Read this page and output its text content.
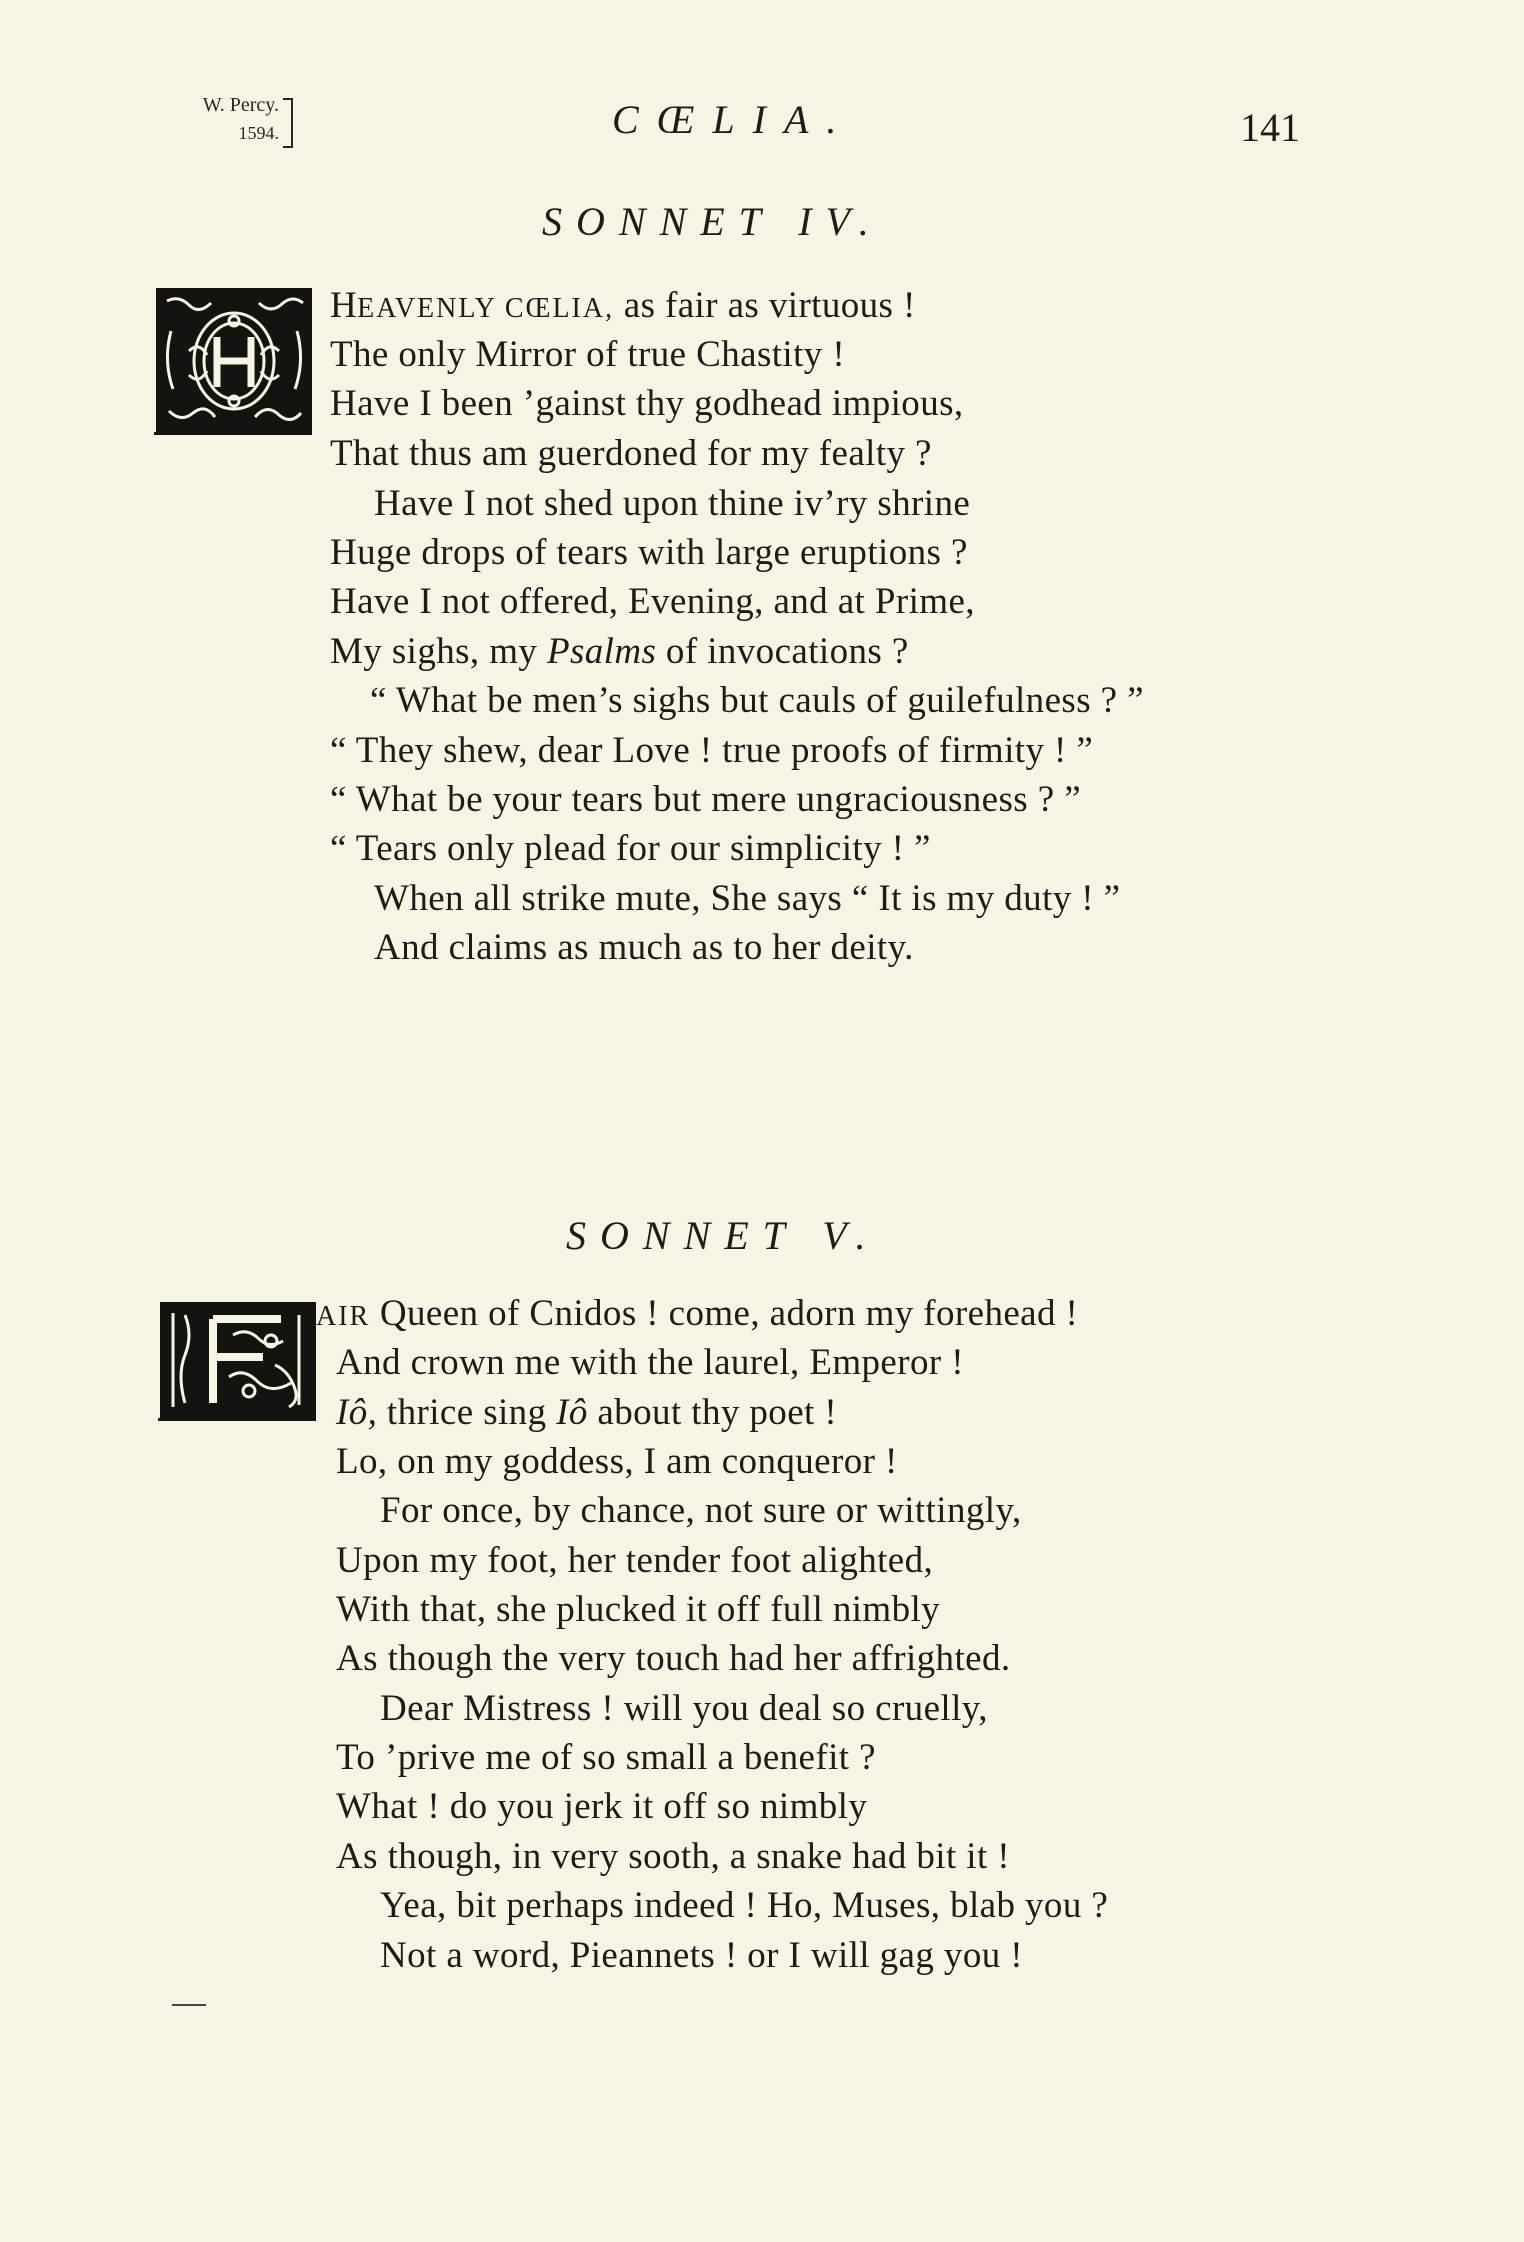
W. Percy.
1594.	CŒLIA.	141
SONNET IV.
HEAVENLY CŒLIA, as fair as virtuous !
The only Mirror of true Chastity !
Have I been ’gainst thy godhead impious,
That thus am guerdoned for my fealty ?
Have I not shed upon thine iv’ry shrine
Huge drops of tears with large eruptions ?
Have I not offered, Evening, and at Prime,
My sighs, my Psalms of invocations ?
“ What be men’s sighs but cauls of guilefulness ? ”
“ They shew, dear Love ! true proofs of firmity ! ”
“ What be your tears but mere ungraciousness ? ”
“ Tears only plead for our simplicity ! ”
When all strike mute, She says “ It is my duty ! ”
And claims as much as to her deity.
SONNET V.
AIR Queen of Cnidos ! come, adorn my forehead !
And crown me with the laurel, Emperor !
Iô, thrice sing Iô about thy poet !
Lo, on my goddess, I am conqueror !
For once, by chance, not sure or wittingly,
Upon my foot, her tender foot alighted,
With that, she plucked it off full nimbly
As though the very touch had her affrighted.
Dear Mistress ! will you deal so cruelly,
To ’prive me of so small a benefit ?
What ! do you jerk it off so nimbly
As though, in very sooth, a snake had bit it !
Yea, bit perhaps indeed ! Ho, Muses, blab you ?
Not a word, Pieannets ! or I will gag you !
